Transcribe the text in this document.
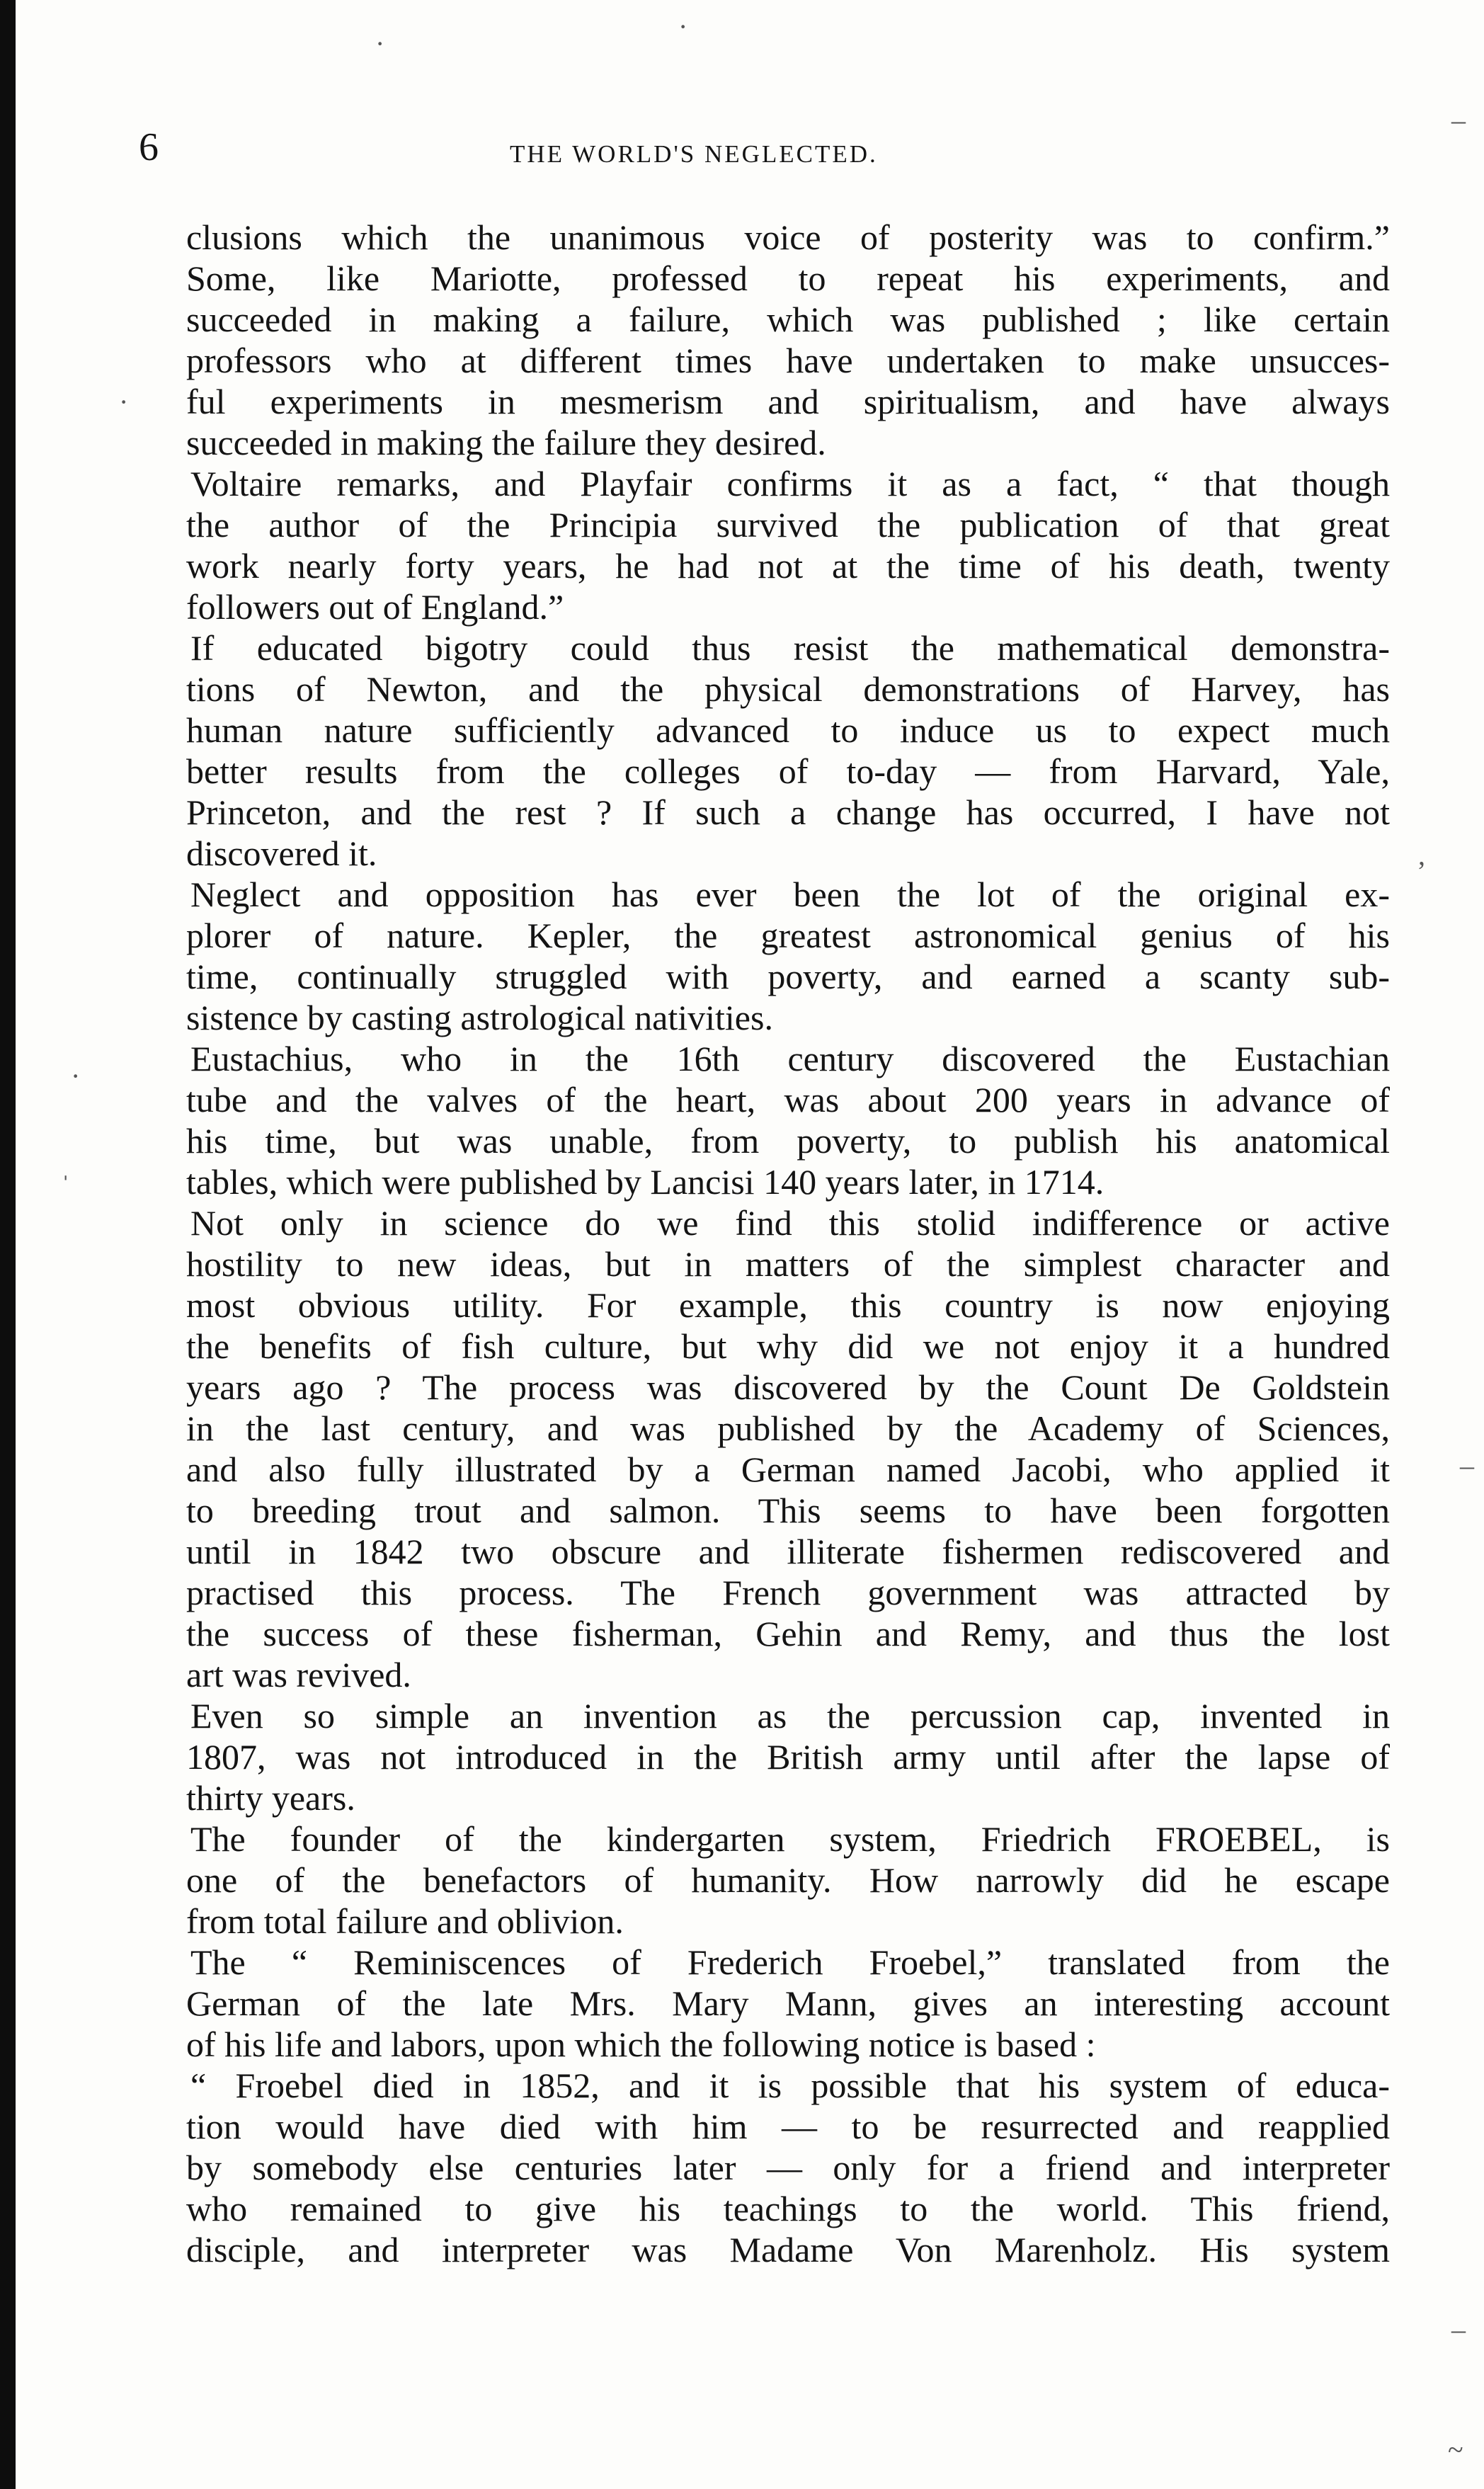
·
·
–
·
,
·
ˈ
–
–
~
6	THE WORLD'S NEGLECTED.
clusions which the unanimous voice of posterity was to confirm.”
Some, like Mariotte, professed to repeat his experiments, and
succeeded in making a failure, which was published ; like certain
professors who at different times have undertaken to make unsucces-
ful experiments in mesmerism and spiritualism, and have always
succeeded in making the failure they desired.
Voltaire remarks, and Playfair confirms it as a fact, “ that though
the author of the Principia survived the publication of that great
work nearly forty years, he had not at the time of his death, twenty
followers out of England.”
If educated bigotry could thus resist the mathematical demonstra-
tions of Newton, and the physical demonstrations of Harvey, has
human nature sufficiently advanced to induce us to expect much
better results from the colleges of to-day — from Harvard, Yale,
Princeton, and the rest ? If such a change has occurred, I have not
discovered it.
Neglect and opposition has ever been the lot of the original ex-
plorer of nature. Kepler, the greatest astronomical genius of his
time, continually struggled with poverty, and earned a scanty sub-
sistence by casting astrological nativities.
Eustachius, who in the 16th century discovered the Eustachian
tube and the valves of the heart, was about 200 years in advance of
his time, but was unable, from poverty, to publish his anatomical
tables, which were published by Lancisi 140 years later, in 1714.
Not only in science do we find this stolid indifference or active
hostility to new ideas, but in matters of the simplest character and
most obvious utility. For example, this country is now enjoying
the benefits of fish culture, but why did we not enjoy it a hundred
years ago ? The process was discovered by the Count De Goldstein
in the last century, and was published by the Academy of Sciences,
and also fully illustrated by a German named Jacobi, who applied it
to breeding trout and salmon. This seems to have been forgotten
until in 1842 two obscure and illiterate fishermen rediscovered and
practised this process. The French government was attracted by
the success of these fisherman, Gehin and Remy, and thus the lost
art was revived.
Even so simple an invention as the percussion cap, invented in
1807, was not introduced in the British army until after the lapse of
thirty years.
The founder of the kindergarten system, Friedrich FROEBEL, is
one of the benefactors of humanity. How narrowly did he escape
from total failure and oblivion.
The “ Reminiscences of Frederich Froebel,” translated from the
German of the late Mrs. Mary Mann, gives an interesting account
of his life and labors, upon which the following notice is based :
“ Froebel died in 1852, and it is possible that his system of educa-
tion would have died with him — to be resurrected and reapplied
by somebody else centuries later — only for a friend and interpreter
who remained to give his teachings to the world. This friend,
disciple, and interpreter was Madame Von Marenholz. His system
